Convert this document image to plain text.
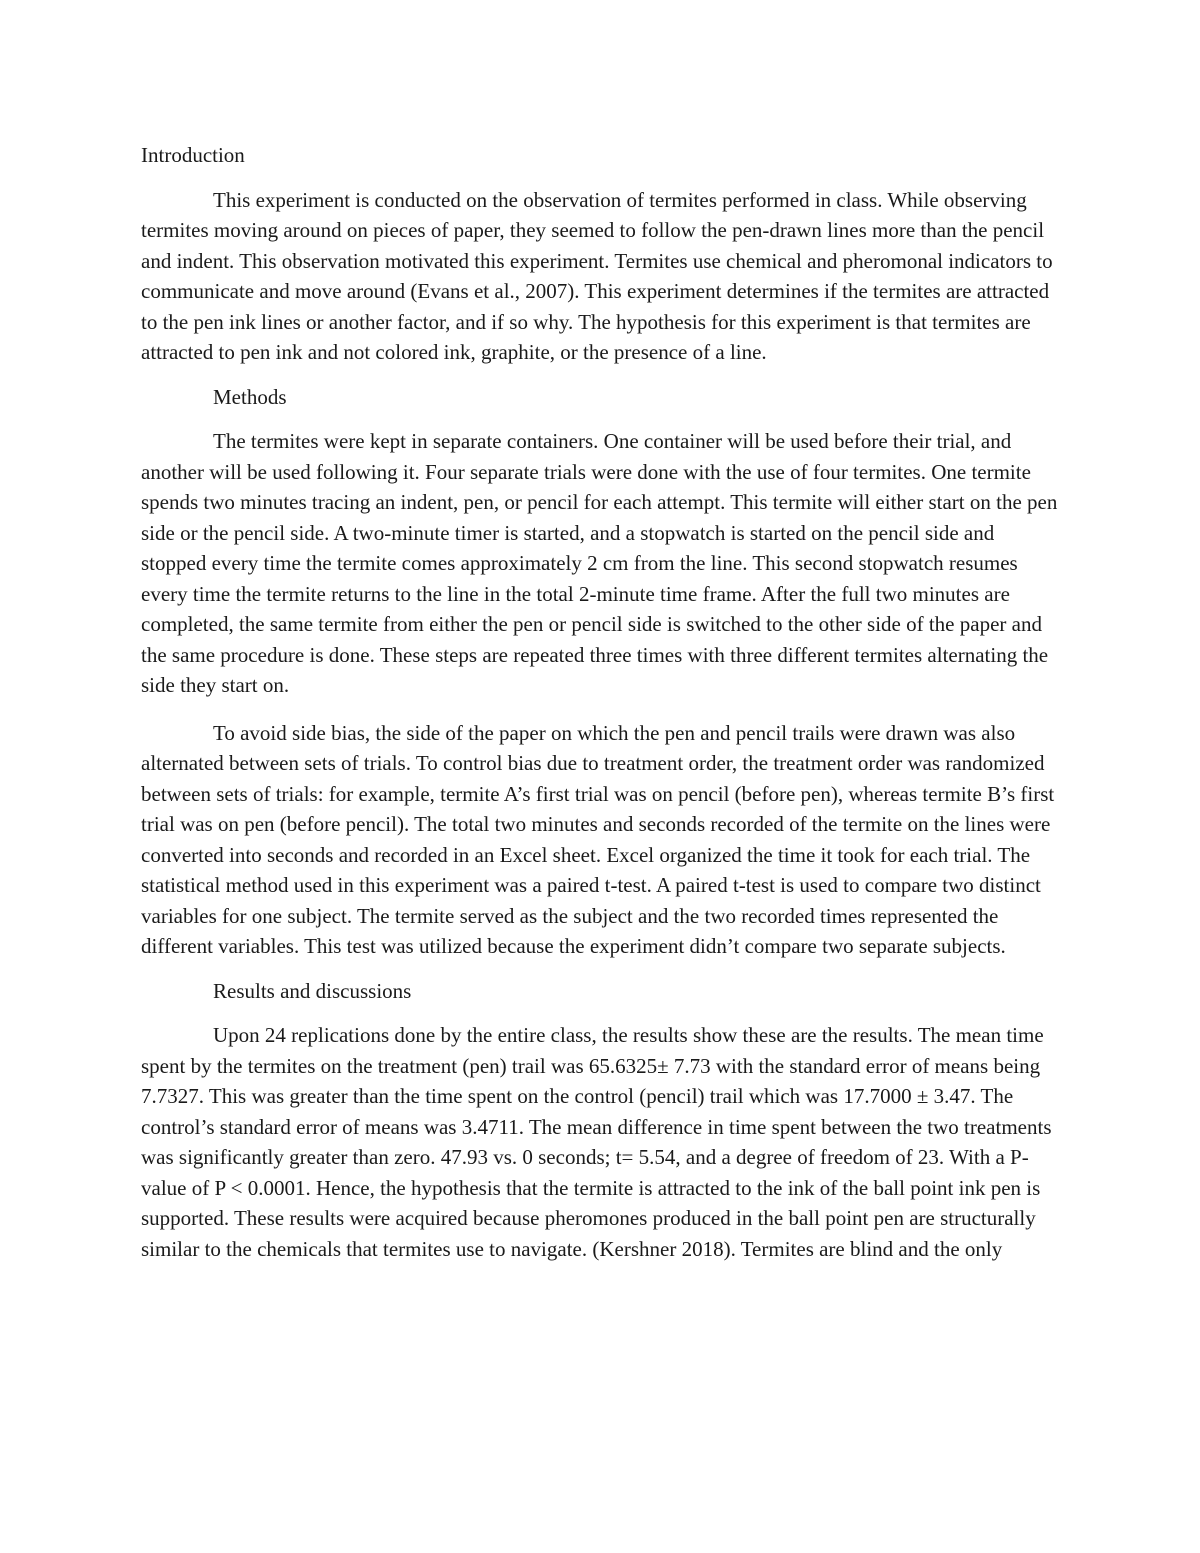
Introduction

This experiment is conducted on the observation of termites performed in class. While observing termites moving around on pieces of paper, they seemed to follow the pen-drawn lines more than the pencil and indent. This observation motivated this experiment. Termites use chemical and pheromonal indicators to communicate and move around (Evans et al., 2007). This experiment determines if the termites are attracted to the pen ink lines or another factor, and if so why. The hypothesis for this experiment is that termites are attracted to pen ink and not colored ink, graphite, or the presence of a line.

Methods

The termites were kept in separate containers. One container will be used before their trial, and another will be used following it. Four separate trials were done with the use of four termites. One termite spends two minutes tracing an indent, pen, or pencil for each attempt. This termite will either start on the pen side or the pencil side. A two-minute timer is started, and a stopwatch is started on the pencil side and stopped every time the termite comes approximately 2 cm from the line. This second stopwatch resumes every time the termite returns to the line in the total 2-minute time frame. After the full two minutes are completed, the same termite from either the pen or pencil side is switched to the other side of the paper and the same procedure is done. These steps are repeated three times with three different termites alternating the side they start on.

To avoid side bias, the side of the paper on which the pen and pencil trails were drawn was also alternated between sets of trials. To control bias due to treatment order, the treatment order was randomized between sets of trials: for example, termite A’s first trial was on pencil (before pen), whereas termite B’s first trial was on pen (before pencil). The total two minutes and seconds recorded of the termite on the lines were converted into seconds and recorded in an Excel sheet. Excel organized the time it took for each trial. The statistical method used in this experiment was a paired t-test. A paired t-test is used to compare two distinct variables for one subject. The termite served as the subject and the two recorded times represented the different variables. This test was utilized because the experiment didn’t compare two separate subjects.

Results and discussions

Upon 24 replications done by the entire class, the results show these are the results. The mean time spent by the termites on the treatment (pen) trail was 65.6325± 7.73 with the standard error of means being 7.7327. This was greater than the time spent on the control (pencil) trail which was 17.7000 ± 3.47. The control’s standard error of means was 3.4711. The mean difference in time spent between the two treatments was significantly greater than zero. 47.93 vs. 0 seconds; t= 5.54, and a degree of freedom of 23. With a P-value of P < 0.0001. Hence, the hypothesis that the termite is attracted to the ink of the ball point ink pen is supported. These results were acquired because pheromones produced in the ball point pen are structurally similar to the chemicals that termites use to navigate. (Kershner 2018). Termites are blind and the only
